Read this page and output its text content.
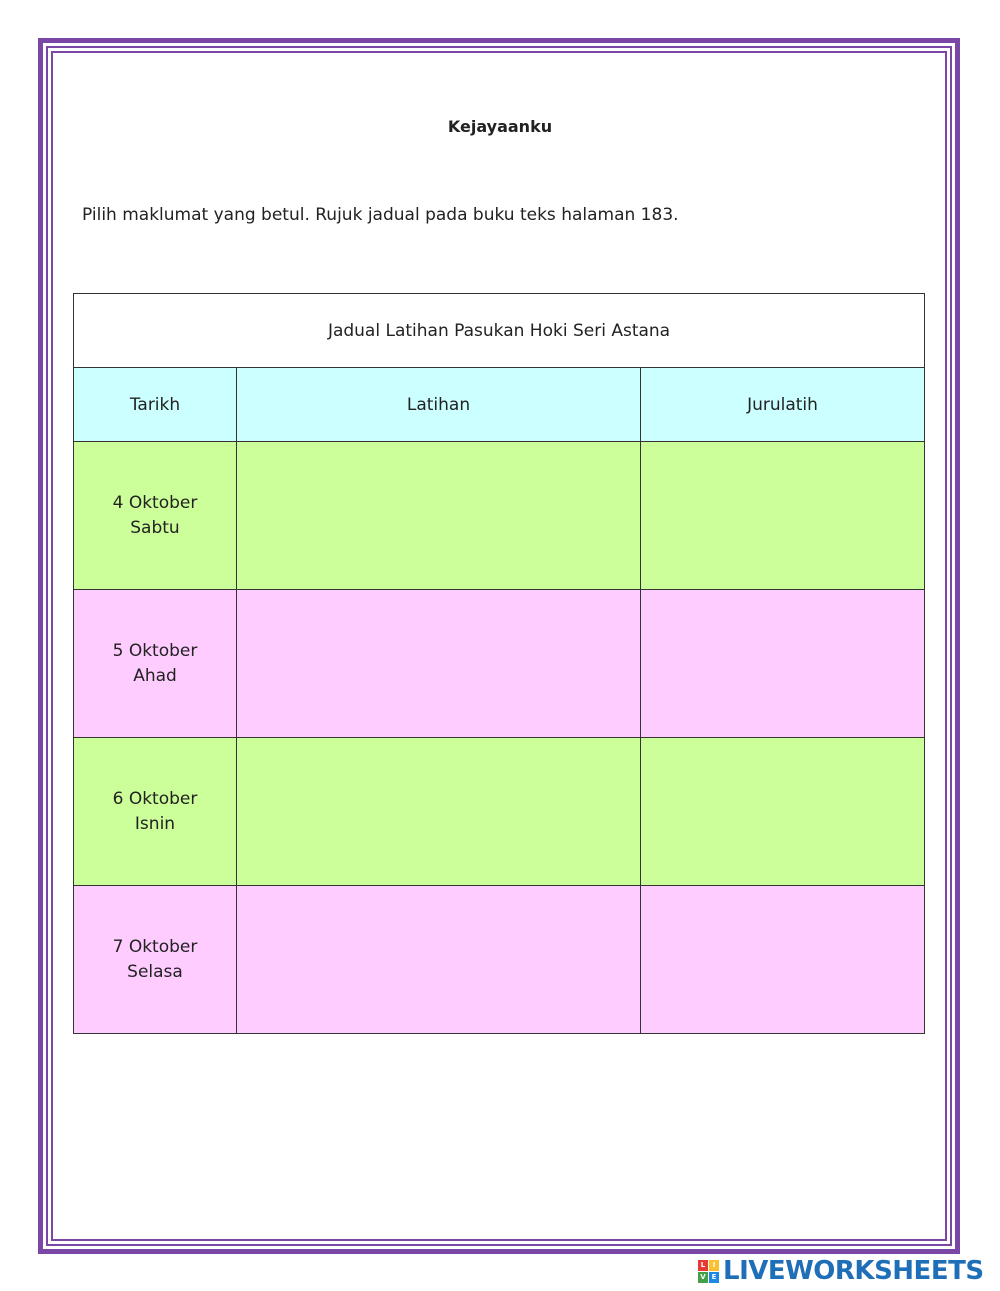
Kejayaanku
Pilih maklumat yang betul. Rujuk jadual pada buku teks halaman 183.
Jadual Latihan Pasukan Hoki Seri Astana		
Tarikh	Latihan	Jurulatih

4 Oktober
Sabtu		

5 Oktober
Ahad		

6 Oktober
Isnin		

7 Oktober
Selasa		

L	I
V E LIVEWORKSHEETS
